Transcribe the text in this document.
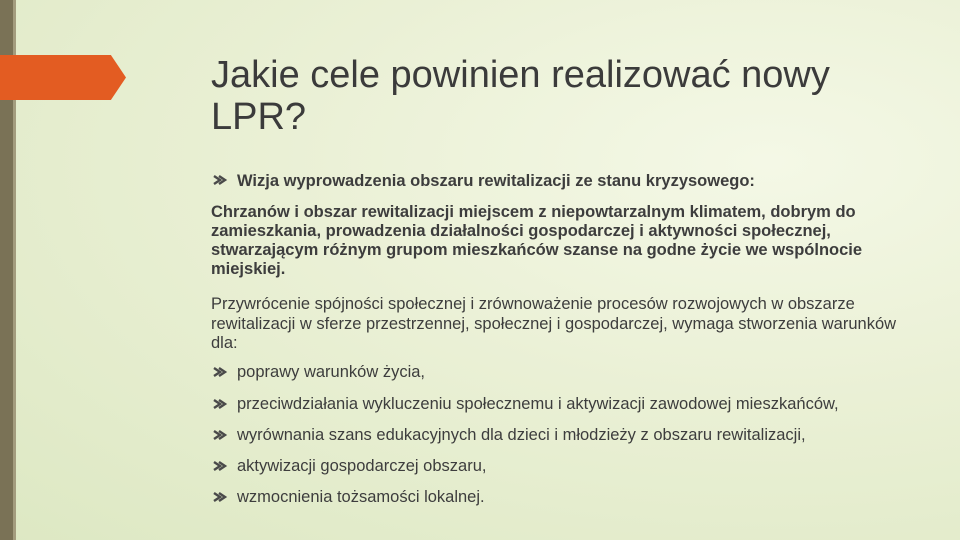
Jakie cele powinien realizować nowy LPR?
Wizja wyprowadzenia obszaru rewitalizacji ze stanu kryzysowego:
Chrzanów i obszar rewitalizacji miejscem z niepowtarzalnym klimatem, dobrym do zamieszkania, prowadzenia działalności gospodarczej i aktywności społecznej, stwarzającym różnym grupom mieszkańców szanse na godne życie we wspólnocie miejskiej.
Przywrócenie spójności społecznej i zrównoważenie procesów rozwojowych w obszarze rewitalizacji w sferze przestrzennej, społecznej i gospodarczej, wymaga stworzenia warunków dla:
poprawy warunków życia,
przeciwdziałania wykluczeniu społecznemu i aktywizacji zawodowej mieszkańców,
wyrównania szans edukacyjnych dla dzieci i młodzieży z obszaru rewitalizacji,
aktywizacji gospodarczej obszaru,
wzmocnienia tożsamości lokalnej.
